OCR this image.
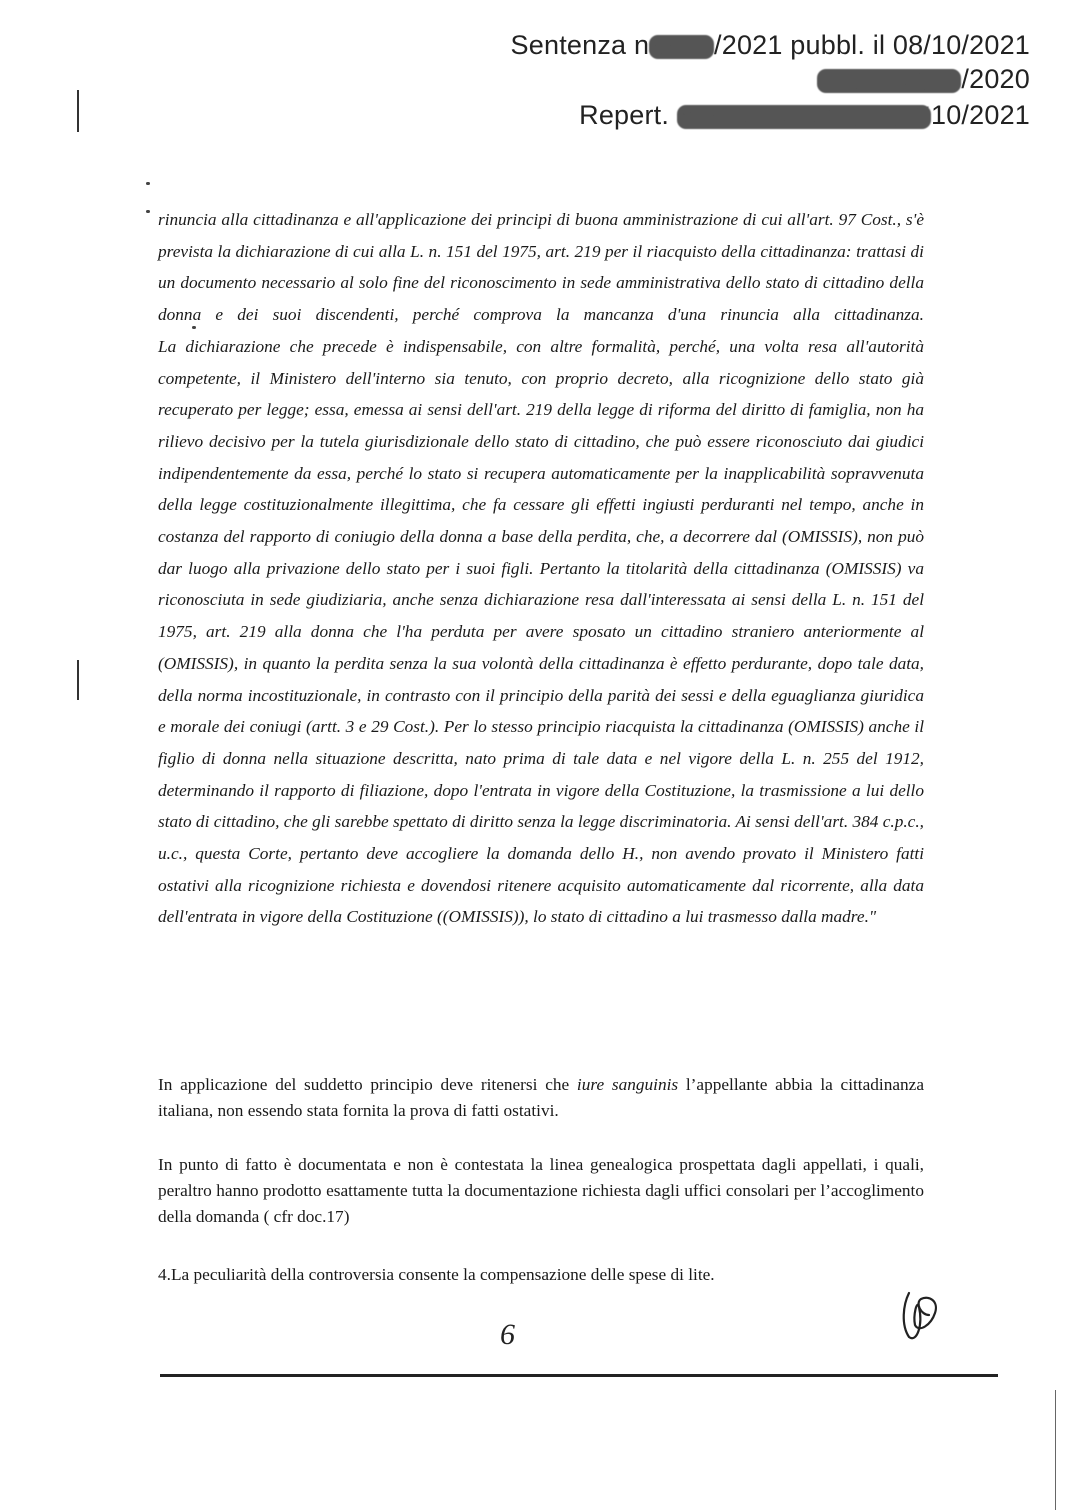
Sentenza n6640/2021 pubbl. il 08/10/2021
RG n. 2000/2020
Repert. n. 6423/2021 del 08/10/2021

rinuncia alla cittadinanza e all'applicazione dei principi di buona amministrazione di cui all'art. 97 Cost., s'è prevista la dichiarazione di cui alla L. n. 151 del 1975, art. 219 per il riacquisto della cittadinanza: trattasi di un documento necessario al solo fine del riconoscimento in sede amministrativa dello stato di cittadino della donna e dei suoi discendenti, perché comprova la mancanza d'una rinuncia alla cittadinanza.

La dichiarazione che precede è indispensabile, con altre formalità, perché, una volta resa all'autorità competente, il Ministero dell'interno sia tenuto, con proprio decreto, alla ricognizione dello stato già recuperato per legge; essa, emessa ai sensi dell'art. 219 della legge di riforma del diritto di famiglia, non ha rilievo decisivo per la tutela giurisdizionale dello stato di cittadino, che può essere riconosciuto dai giudici indipendentemente da essa, perché lo stato si recupera automaticamente per la inapplicabilità sopravvenuta della legge costituzionalmente illegittima, che fa cessare gli effetti ingiusti perduranti nel tempo, anche in costanza del rapporto di coniugio della donna a base della perdita, che, a decorrere dal (OMISSIS), non può dar luogo alla privazione dello stato per i suoi figli. Pertanto la titolarità della cittadinanza (OMISSIS) va riconosciuta in sede giudiziaria, anche senza dichiarazione resa dall'interessata ai sensi della L. n. 151 del 1975, art. 219 alla donna che l'ha perduta per avere sposato un cittadino straniero anteriormente al (OMISSIS), in quanto la perdita senza la sua volontà della cittadinanza è effetto perdurante, dopo tale data, della norma incostituzionale, in contrasto con il principio della parità dei sessi e della eguaglianza giuridica e morale dei coniugi (artt. 3 e 29 Cost.). Per lo stesso principio riacquista la cittadinanza (OMISSIS) anche il figlio di donna nella situazione descritta, nato prima di tale data e nel vigore della L. n. 255 del 1912, determinando il rapporto di filiazione, dopo l'entrata in vigore della Costituzione, la trasmissione a lui dello stato di cittadino, che gli sarebbe spettato di diritto senza la legge discriminatoria. Ai sensi dell'art. 384 c.p.c., u.c., questa Corte, pertanto deve accogliere la domanda dello H., non avendo provato il Ministero fatti ostativi alla ricognizione richiesta e dovendosi ritenere acquisito automaticamente dal ricorrente, alla data dell'entrata in vigore della Costituzione ((OMISSIS)), lo stato di cittadino a lui trasmesso dalla madre."

In applicazione del suddetto principio deve ritenersi che iure sanguinis l’appellante abbia la cittadinanza italiana, non essendo stata fornita la prova di fatti ostativi.

In punto di fatto è documentata e non è contestata la linea genealogica prospettata dagli appellati, i quali, peraltro hanno prodotto esattamente tutta la documentazione richiesta dagli uffici consolari per l’accoglimento della domanda ( cfr doc.17)

4.La peculiarità della controversia consente la compensazione delle spese di lite.

6
